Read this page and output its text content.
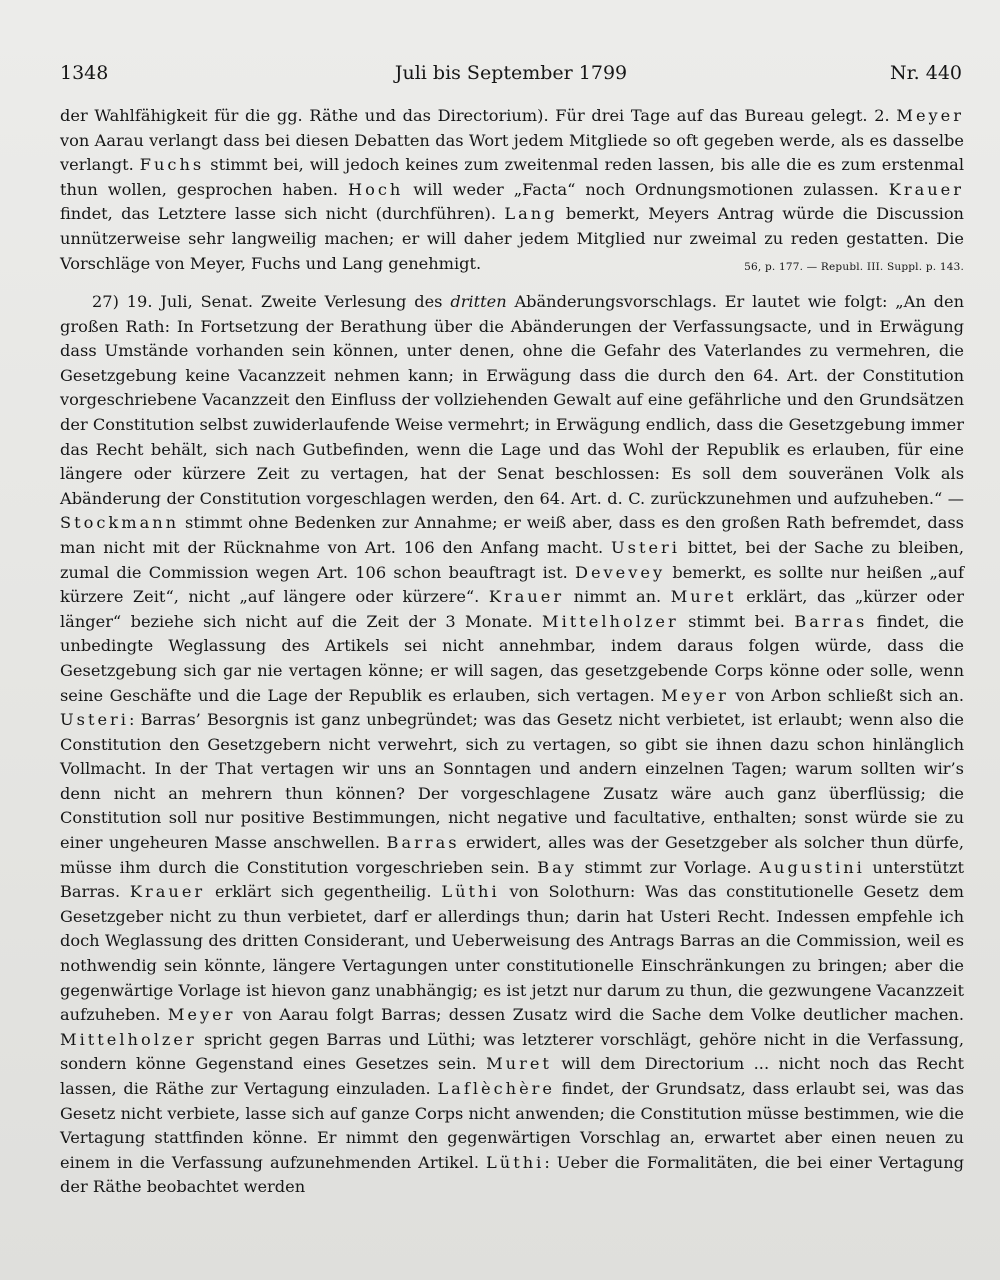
1348	Juli bis September 1799	Nr. 440
der Wahlfähigkeit für die gg. Räthe und das Directorium). Für drei Tage auf das Bureau gelegt. 2. Meyer von Aarau verlangt dass bei diesen Debatten das Wort jedem Mitgliede so oft gegeben werde, als es dasselbe verlangt. Fuchs stimmt bei, will jedoch keines zum zweitenmal reden lassen, bis alle die es zum erstenmal thun wollen, gesprochen haben. Hoch will weder „Facta“ noch Ordnungsmotionen zulassen. Krauer findet, das Letztere lasse sich nicht (durchführen). Lang bemerkt, Meyers Antrag würde die Discussion unnützerweise sehr langweilig machen; er will daher jedem Mitglied nur zweimal zu reden gestatten. Die Vorschläge von Meyer, Fuchs und Lang genehmigt.	56, p. 177. — Republ. III. Suppl. p. 143.
27) 19. Juli, Senat. Zweite Verlesung des dritten Abänderungsvorschlags. Er lautet wie folgt: „An den großen Rath: In Fortsetzung der Berathung über die Abänderungen der Verfassungsacte, und in Erwägung dass Umstände vorhanden sein können, unter denen, ohne die Gefahr des Vaterlandes zu vermehren, die Gesetzgebung keine Vacanzzeit nehmen kann; in Erwägung dass die durch den 64. Art. der Constitution vorgeschriebene Vacanzzeit den Einfluss der vollziehenden Gewalt auf eine gefährliche und den Grundsätzen der Constitution selbst zuwiderlaufende Weise vermehrt; in Erwägung endlich, dass die Gesetzgebung immer das Recht behält, sich nach Gutbefinden, wenn die Lage und das Wohl der Republik es erlauben, für eine längere oder kürzere Zeit zu vertagen, hat der Senat beschlossen: Es soll dem souveränen Volk als Abänderung der Constitution vorgeschlagen werden, den 64. Art. d. C. zurückzunehmen und aufzuheben.“ — Stockmann stimmt ohne Bedenken zur Annahme; er weiß aber, dass es den großen Rath befremdet, dass man nicht mit der Rücknahme von Art. 106 den Anfang macht. Usteri bittet, bei der Sache zu bleiben, zumal die Commission wegen Art. 106 schon beauftragt ist. Devevey bemerkt, es sollte nur heißen „auf kürzere Zeit“, nicht „auf längere oder kürzere“. Krauer nimmt an. Muret erklärt, das „kürzer oder länger“ beziehe sich nicht auf die Zeit der 3 Monate. Mittelholzer stimmt bei. Barras findet, die unbedingte Weglassung des Artikels sei nicht annehmbar, indem daraus folgen würde, dass die Gesetzgebung sich gar nie vertagen könne; er will sagen, das gesetzgebende Corps könne oder solle, wenn seine Geschäfte und die Lage der Republik es erlauben, sich vertagen. Meyer von Arbon schließt sich an. Usteri: Barras’ Besorgnis ist ganz unbegründet; was das Gesetz nicht verbietet, ist erlaubt; wenn also die Constitution den Gesetzgebern nicht verwehrt, sich zu vertagen, so gibt sie ihnen dazu schon hinlänglich Vollmacht. In der That vertagen wir uns an Sonntagen und andern einzelnen Tagen; warum sollten wir’s denn nicht an mehrern thun können? Der vorgeschlagene Zusatz wäre auch ganz überflüssig; die Constitution soll nur positive Bestimmungen, nicht negative und facultative, enthalten; sonst würde sie zu einer ungeheuren Masse anschwellen. Barras erwidert, alles was der Gesetzgeber als solcher thun dürfe, müsse ihm durch die Constitution vorgeschrieben sein. Bay stimmt zur Vorlage. Augustini unterstützt Barras. Krauer erklärt sich gegentheilig. Lüthi von Solothurn: Was das constitutionelle Gesetz dem Gesetzgeber nicht zu thun verbietet, darf er allerdings thun; darin hat Usteri Recht. Indessen empfehle ich doch Weglassung des dritten Considerant, und Ueberweisung des Antrags Barras an die Commission, weil es nothwendig sein könnte, längere Vertagungen unter constitutionelle Einschränkungen zu bringen; aber die gegenwärtige Vorlage ist hievon ganz unabhängig; es ist jetzt nur darum zu thun, die gezwungene Vacanzzeit aufzuheben. Meyer von Aarau folgt Barras; dessen Zusatz wird die Sache dem Volke deutlicher machen. Mittelholzer spricht gegen Barras und Lüthi; was letzterer vorschlägt, gehöre nicht in die Verfassung, sondern könne Gegenstand eines Gesetzes sein. Muret will dem Directorium ... nicht noch das Recht lassen, die Räthe zur Vertagung einzuladen. Laflèchère findet, der Grundsatz, dass erlaubt sei, was das Gesetz nicht verbiete, lasse sich auf ganze Corps nicht anwenden; die Constitution müsse bestimmen, wie die Vertagung stattfinden könne. Er nimmt den gegenwärtigen Vorschlag an, erwartet aber einen neuen zu einem in die Verfassung aufzunehmenden Artikel. Lüthi: Ueber die Formalitäten, die bei einer Vertagung der Räthe beobachtet werden
